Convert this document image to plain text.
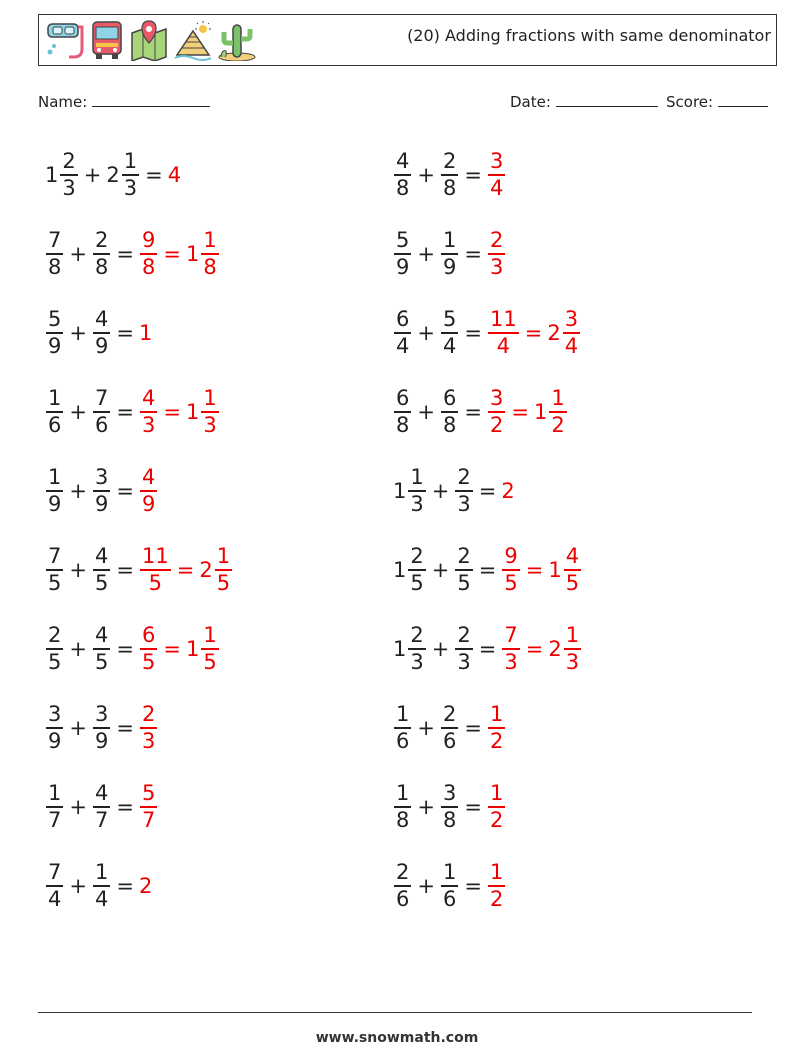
(20) Adding fractions with same denominator
Name:	Date:	Score:
$1 \frac{2}{3} + 2 \frac{1}{3} = 4$
$\frac{7}{8} + \frac{2}{8} = \frac{9}{8} = 1 \frac{1}{8}$
$\frac{5}{9} + \frac{4}{9} = 1$
$\frac{1}{6} + \frac{7}{6} = \frac{4}{3} = 1 \frac{1}{3}$
$\frac{1}{9} + \frac{3}{9} = \frac{4}{9}$
$\frac{7}{5} + \frac{4}{5} = \frac{11}{5} = 2 \frac{1}{5}$
$\frac{2}{5} + \frac{4}{5} = \frac{6}{5} = 1 \frac{1}{5}$
$\frac{3}{9} + \frac{3}{9} = \frac{2}{3}$
$\frac{1}{7} + \frac{4}{7} = \frac{5}{7}$
$\frac{7}{4} + \frac{1}{4} = 2$
$\frac{4}{8} + \frac{2}{8} = \frac{3}{4}$
$\frac{5}{9} + \frac{1}{9} = \frac{2}{3}$
$\frac{6}{4} + \frac{5}{4} = \frac{11}{4} = 2 \frac{3}{4}$
$\frac{6}{8} + \frac{6}{8} = \frac{3}{2} = 1 \frac{1}{2}$
$1 \frac{1}{3} + \frac{2}{3} = 2$
$1 \frac{2}{5} + \frac{2}{5} = \frac{9}{5} = 1 \frac{4}{5}$
$1 \frac{2}{3} + \frac{2}{3} = \frac{7}{3} = 2 \frac{1}{3}$
$\frac{1}{6} + \frac{2}{6} = \frac{1}{2}$
$\frac{1}{8} + \frac{3}{8} = \frac{1}{2}$
$\frac{2}{6} + \frac{1}{6} = \frac{1}{2}$
www.snowmath.com
